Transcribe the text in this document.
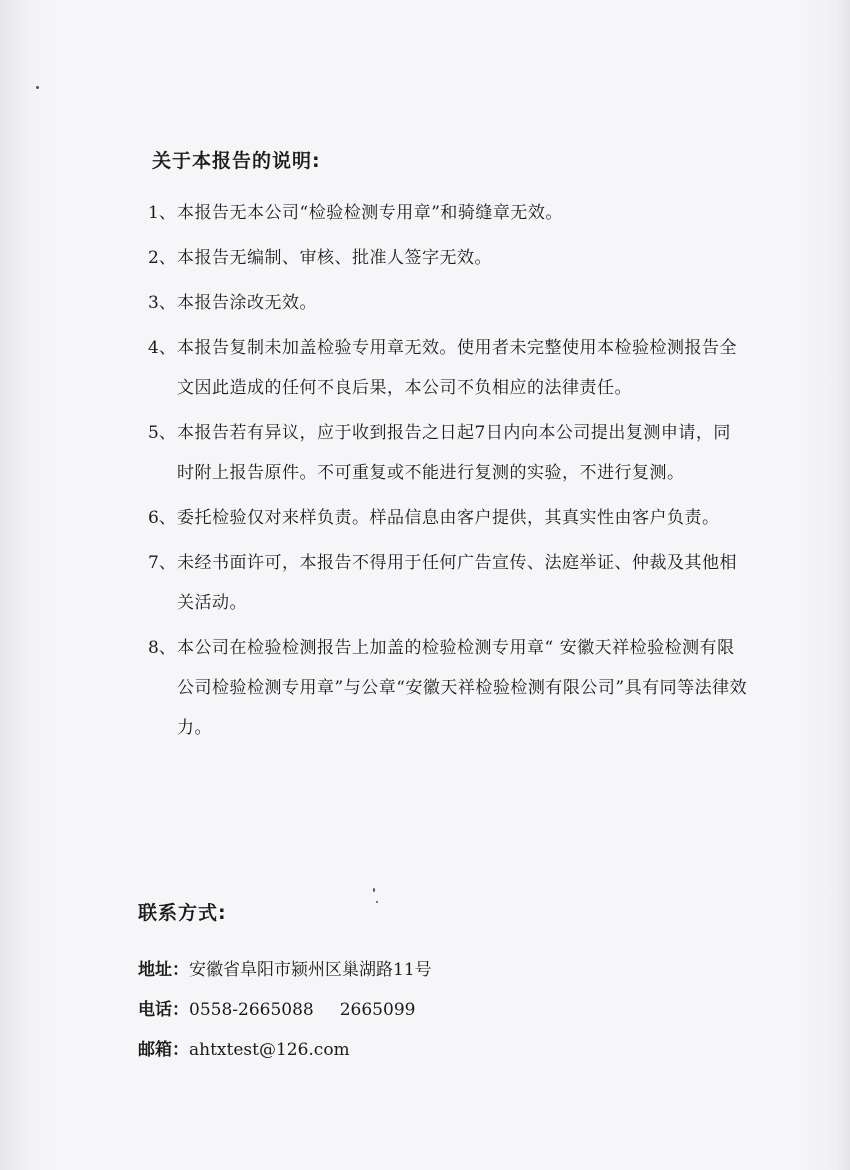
关于本报告的说明:
1、 本报告无本公司“检验检测专用章”和骑缝章无效。
2、 本报告无编制、审核、批准人签字无效。
3、 本报告涂改无效。
4、 本报告复制未加盖检验专用章无效。使用者未完整使用本检验检测报告全文因此造成的任何不良后果，本公司不负相应的法律责任。
5、 本报告若有异议，应于收到报告之日起7日内向本公司提出复测申请，同时附上报告原件。不可重复或不能进行复测的实验，不进行复测。
6、 委托检验仅对来样负责。样品信息由客户提供，其真实性由客户负责。
7、 未经书面许可，本报告不得用于任何广告宣传、法庭举证、仲裁及其他相关活动。
8、 本公司在检验检测报告上加盖的检验检测专用章“ 安徽天祥检验检测有限公司检验检测专用章”与公章“安徽天祥检验检测有限公司”具有同等法律效力。
联系方式:
地址： 安徽省阜阳市颍州区巢湖路11号
电话： 0558-2665088 2665099
邮箱： ahtxtest@126.com
